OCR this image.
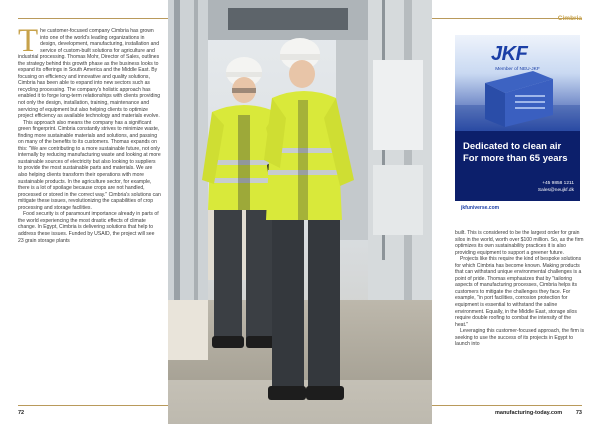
T he customer-focused company Cimbria has grown into one of the world's leading organizations in design, development, manufacturing, installation and service of custom-built solutions for agriculture and industrial processing. Thomas Mohr, Director of Sales, outlines the strategy behind this growth phase as the business looks to expand its offerings in South America and the Middle East. By focusing on efficiency and innovative and quality solutions, Cimbria has been able to expand into new sectors such as recycling processing. The company's holistic approach has enabled it to forge long-term relationships with clients providing not only the design, installation, training, maintenance and servicing of equipment but also helping clients to optimize project efficiency as available technology and materials evolve.

This approach also means the company has a significant green fingerprint. Cimbria constantly strives to minimize waste, finding more sustainable materials and solutions, and passing on many of the benefits to its customers. Thomas expands on this: "We are contributing to a more sustainable future, not only internally by reducing manufacturing waste and looking at more sustainable sources of electricity but also looking to suppliers to provide the most sustainable parts and materials. We are also helping clients transform their operations with more sustainable products. In the agriculture sector, for example, there is a lot of spoilage because crops are not handled, processed or stored in the correct way." Cimbria's solutions can mitigate these issues, revolutionizing the capabilities of crop processing and storage facilities.

Food security is of paramount importance already in parts of the world experiencing the most drastic effects of climate change. In Egypt, Cimbria is delivering solutions that help to address these issues. Funded by USAID, the project will see 23 grain storage plants

72
Cimbria

built. This is considered to be the largest order for grain silos in the world, worth over $100 million. So, as the firm optimizes its own sustainability practices it is also providing equipment to support a greener future.

Projects like this require the kind of bespoke solutions for which Cimbria has become known. Making products that can withstand unique environmental challenges is a point of pride. Thomas emphasizes that by "tailoring aspects of manufacturing processes, Cimbria helps its customers to mitigate the challenges they face. For example, "in port facilities, corrosion protection for equipment is essential to withstand the saline environment. Equally, in the Middle East, storage silos require double roofing to combat the intensity of the heat."

Leveraging this customer-focused approach, the firm is seeking to use the success of its projects in Egypt to launch into

manufacturing-today.com 73
JKF
Member of NEU-JKF
Dedicated to clean air
For more than 65 years
+45 9858 1211
Sales@neujkf.dk
jkfuniverse.com
